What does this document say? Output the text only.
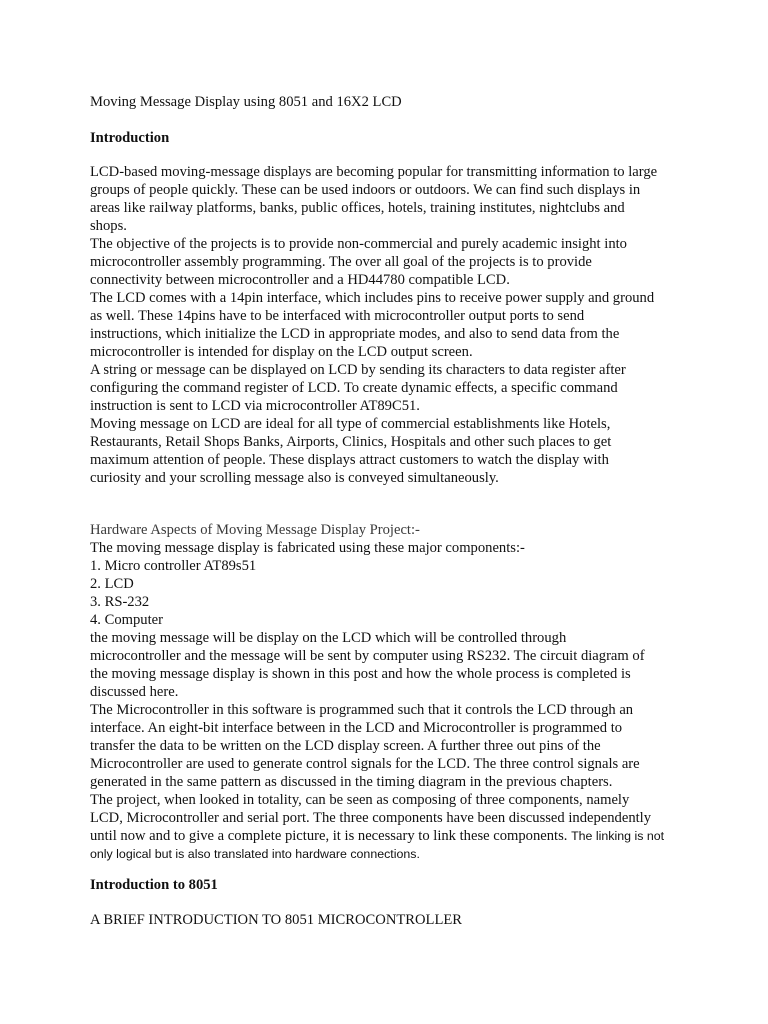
Moving Message Display using 8051 and 16X2 LCD

Introduction

LCD-based moving-message displays are becoming popular for transmitting information to large
groups of people quickly. These can be used indoors or outdoors. We can find such displays in
areas like railway platforms, banks, public offices, hotels, training institutes, nightclubs and
shops.
The objective of the projects is to provide non-commercial and purely academic insight into
microcontroller assembly programming. The over all goal of the projects is to provide
connectivity between microcontroller and a HD44780 compatible LCD.
The LCD comes with a 14pin interface, which includes pins to receive power supply and ground
as well. These 14pins have to be interfaced with microcontroller output ports to send
instructions, which initialize the LCD in appropriate modes, and also to send data from the
microcontroller is intended for display on the LCD output screen.
A string or message can be displayed on LCD by sending its characters to data register after
configuring the command register of LCD. To create dynamic effects, a specific command
instruction is sent to LCD via microcontroller AT89C51.
Moving message on LCD are ideal for all type of commercial establishments like Hotels,
Restaurants, Retail Shops Banks, Airports, Clinics, Hospitals and other such places to get
maximum attention of people. These displays attract customers to watch the display with
curiosity and your scrolling message also is conveyed simultaneously.
Hardware Aspects of Moving Message Display Project:-
The moving message display is fabricated using these major components:-
1. Micro controller AT89s51
2. LCD
3. RS-232
4. Computer
the moving message will be display on the LCD which will be controlled through
microcontroller and the message will be sent by computer using RS232. The circuit diagram of
the moving message display is shown in this post and how the whole process is completed is
discussed here.
The Microcontroller in this software is programmed such that it controls the LCD through an
interface. An eight-bit interface between in the LCD and Microcontroller is programmed to
transfer the data to be written on the LCD display screen. A further three out pins of the
Microcontroller are used to generate control signals for the LCD. The three control signals are
generated in the same pattern as discussed in the timing diagram in the previous chapters.
The project, when looked in totality, can be seen as composing of three components, namely
LCD, Microcontroller and serial port. The three components have been discussed independently
until now and to give a complete picture, it is necessary to link these components. The linking is not
only logical but is also translated into hardware connections.

Introduction to 8051

A BRIEF INTRODUCTION TO 8051 MICROCONTROLLER
